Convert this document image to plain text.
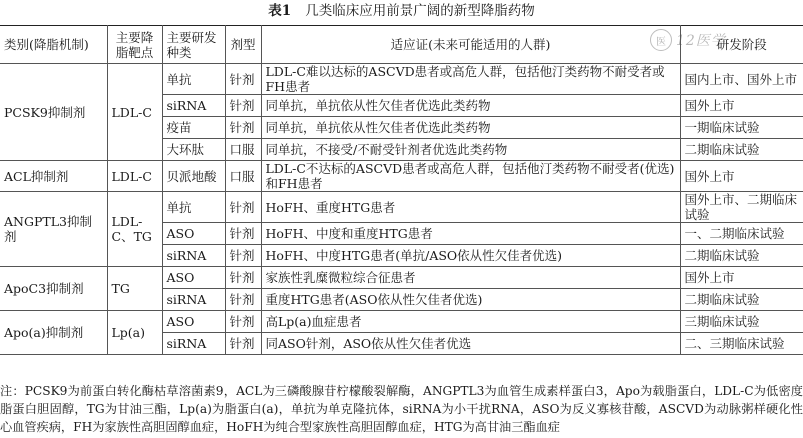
表1 几类临床应用前景广阔的新型降脂药物
医 12医学
类别(降脂机制)	主要降脂靶点	主要研发种类	剂型	适应证(未来可能适用的人群)	研发阶段
PCSK9抑制剂	LDL-C	单抗	针剂	LDL-C难以达标的ASCVD患者或高危人群，包括他汀类药物不耐受者或FH患者	国内上市、国外上市
		siRNA	针剂	同单抗，单抗依从性欠佳者优选此类药物	国外上市
		疫苗	针剂	同单抗，单抗依从性欠佳者优选此类药物	一期临床试验
		大环肽	口服	同单抗，不接受/不耐受针剂者优选此类药物	二期临床试验
ACL抑制剂	LDL-C	贝派地酸	口服	LDL-C不达标的ASCVD患者或高危人群，包括他汀类药物不耐受者(优选)和FH患者	国外上市
ANGPTL3抑制剂	LDL-C、TG	单抗	针剂	HoFH、重度HTG患者	国外上市、二期临床试验
		ASO	针剂	HoFH、中度和重度HTG患者	一、二期临床试验
		siRNA	针剂	HoFH、中度HTG患者(单抗/ASO依从性欠佳者优选)	二期临床试验
ApoC3抑制剂	TG	ASO	针剂	家族性乳糜微粒综合征患者	国外上市
		siRNA	针剂	重度HTG患者(ASO依从性欠佳者优选)	二期临床试验
Apo(a)抑制剂	Lp(a)	ASO	针剂	高Lp(a)血症患者	三期临床试验
		siRNA	针剂	同ASO针剂，ASO依从性欠佳者优选	二、三期临床试验
注：PCSK9为前蛋白转化酶枯草溶菌素9，ACL为三磷酸腺苷柠檬酸裂解酶，ANGPTL3为血管生成素样蛋白3，Apo为载脂蛋白，LDL-C为低密度脂蛋白胆固醇，TG为甘油三酯，Lp(a)为脂蛋白(a)，单抗为单克隆抗体，siRNA为小干扰RNA，ASO为反义寡核苷酸，ASCVD为动脉粥样硬化性心血管疾病，FH为家族性高胆固醇血症，HoFH为纯合型家族性高胆固醇血症，HTG为高甘油三酯血症
